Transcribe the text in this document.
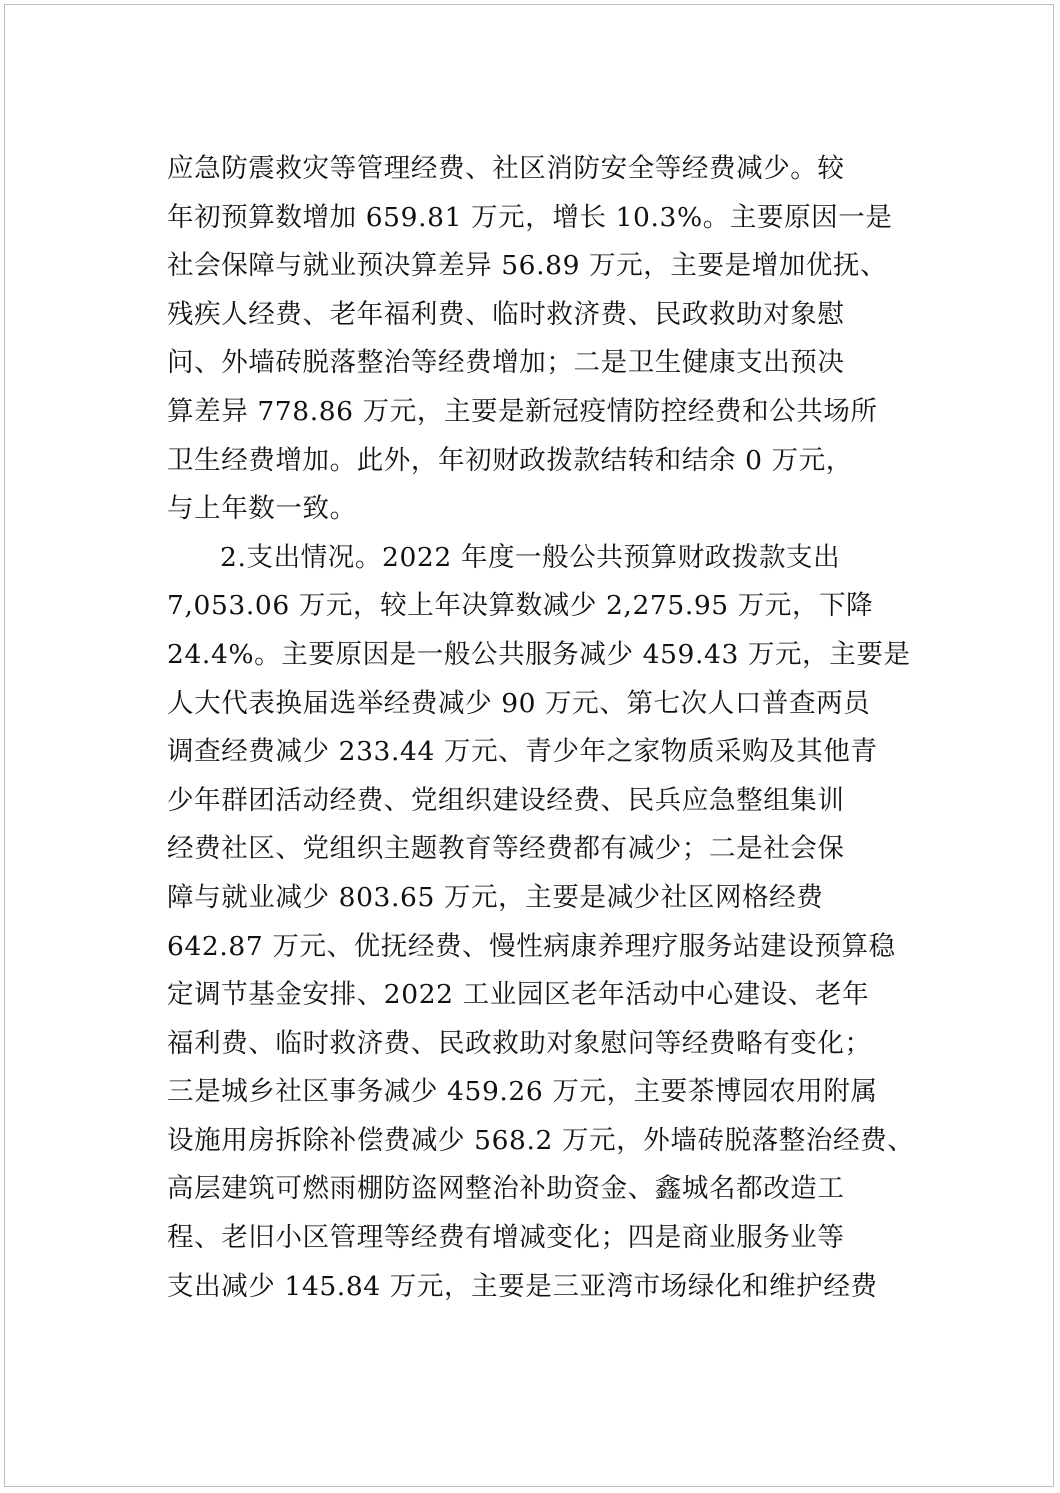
应急防震救灾等管理经费、社区消防安全等经费减少。较
年初预算数增加 659.81 万元，增长 10.3%。主要原因一是
社会保障与就业预决算差异 56.89 万元，主要是增加优抚、
残疾人经费、老年福利费、临时救济费、民政救助对象慰
问、外墙砖脱落整治等经费增加；二是卫生健康支出预决
算差异 778.86 万元，主要是新冠疫情防控经费和公共场所
卫生经费增加。此外，年初财政拨款结转和结余 0 万元，
与上年数一致。
2.支出情况。2022 年度一般公共预算财政拨款支出
7,053.06 万元，较上年决算数减少 2,275.95 万元，下降
24.4%。主要原因是一般公共服务减少 459.43 万元，主要是
人大代表换届选举经费减少 90 万元、第七次人口普查两员
调查经费减少 233.44 万元、青少年之家物质采购及其他青
少年群团活动经费、党组织建设经费、民兵应急整组集训
经费社区、党组织主题教育等经费都有减少；二是社会保
障与就业减少 803.65 万元，主要是减少社区网格经费
642.87 万元、优抚经费、慢性病康养理疗服务站建设预算稳
定调节基金安排、2022 工业园区老年活动中心建设、老年
福利费、临时救济费、民政救助对象慰问等经费略有变化；
三是城乡社区事务减少 459.26 万元，主要茶博园农用附属
设施用房拆除补偿费减少 568.2 万元，外墙砖脱落整治经费、
高层建筑可燃雨棚防盗网整治补助资金、鑫城名都改造工
程、老旧小区管理等经费有增减变化；四是商业服务业等
支出减少 145.84 万元，主要是三亚湾市场绿化和维护经费
